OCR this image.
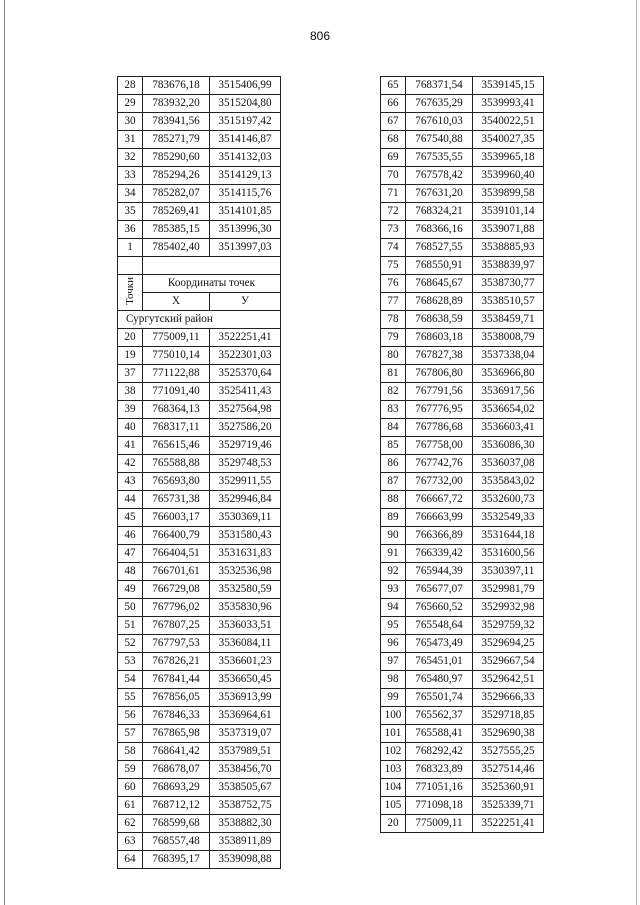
806
28	783676,18	3515406,99
29	783932,20	3515204,80
30	783941,56	3515197,42
31	785271,79	3514146,87
32	785290,60	3514132,03
33	785294,26	3514129,13
34	785282,07	3514115,76
35	785269,41	3514101,85
36	785385,15	3513996,30
1	785402,40	3513997,03

Точки	Координаты точек	
	X	У
Сургутский район		
20	775009,11	3522251,41
19	775010,14	3522301,03
37	771122,88	3525370,64
38	771091,40	3525411,43
39	768364,13	3527564,98
40	768317,11	3527586,20
41	765615,46	3529719,46
42	765588,88	3529748,53
43	765693,80	3529911,55
44	765731,38	3529946,84
45	766003,17	3530369,11
46	766400,79	3531580,43
47	766404,51	3531631,83
48	766701,61	3532536,98
49	766729,08	3532580,59
50	767796,02	3535830,96
51	767807,25	3536033,51
52	767797,53	3536084,11
53	767826,21	3536601,23
54	767841,44	3536650,45
55	767856,05	3536913,99
56	767846,33	3536964,61
57	767865,98	3537319,07
58	768641,42	3537989,51
59	768678,07	3538456,70
60	768693,29	3538505,67
61	768712,12	3538752,75
62	768599,68	3538882,30
63	768557,48	3538911,89
64	768395,17	3539098,88
65	768371,54	3539145,15
66	767635,29	3539993,41
67	767610,03	3540022,51
68	767540,88	3540027,35
69	767535,55	3539965,18
70	767578,42	3539960,40
71	767631,20	3539899,58
72	768324,21	3539101,14
73	768366,16	3539071,88
74	768527,55	3538885,93
75	768550,91	3538839,97
76	768645,67	3538730,77
77	768628,89	3538510,57
78	768638,59	3538459,71
79	768603,18	3538008,79
80	767827,38	3537338,04
81	767806,80	3536966,80
82	767791,56	3536917,56
83	767776,95	3536654,02
84	767786,68	3536603,41
85	767758,00	3536086,30
86	767742,76	3536037,08
87	767732,00	3535843,02
88	766667,72	3532600,73
89	766663,99	3532549,33
90	766366,89	3531644,18
91	766339,42	3531600,56
92	765944,39	3530397,11
93	765677,07	3529981,79
94	765660,52	3529932,98
95	765548,64	3529759,32
96	765473,49	3529694,25
97	765451,01	3529667,54
98	765480,97	3529642,51
99	765501,74	3529666,33
100	765562,37	3529718,85
101	765588,41	3529690,38
102	768292,42	3527555,25
103	768323,89	3527514,46
104	771051,16	3525360,91
105	771098,18	3525339,71
20	775009,11	3522251,41
